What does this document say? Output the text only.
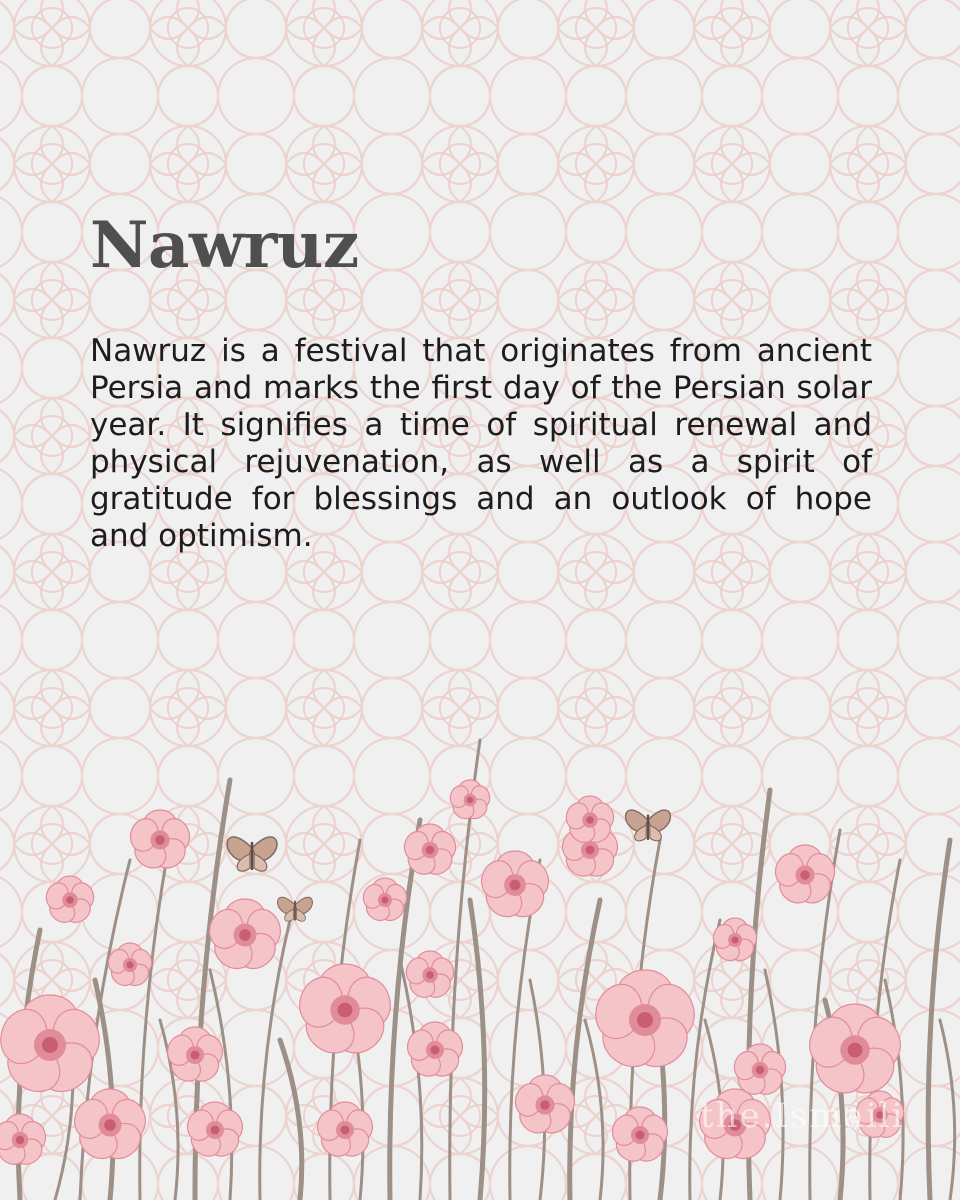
Nawruz

Nawruz is a festival that originates from ancient Persia and marks the first day of the Persian solar year. It signifies a time of spiritual renewal and physical rejuvenation, as well as a spirit of gratitude for blessings and an outlook of hope and optimism.

the.Ismaili
